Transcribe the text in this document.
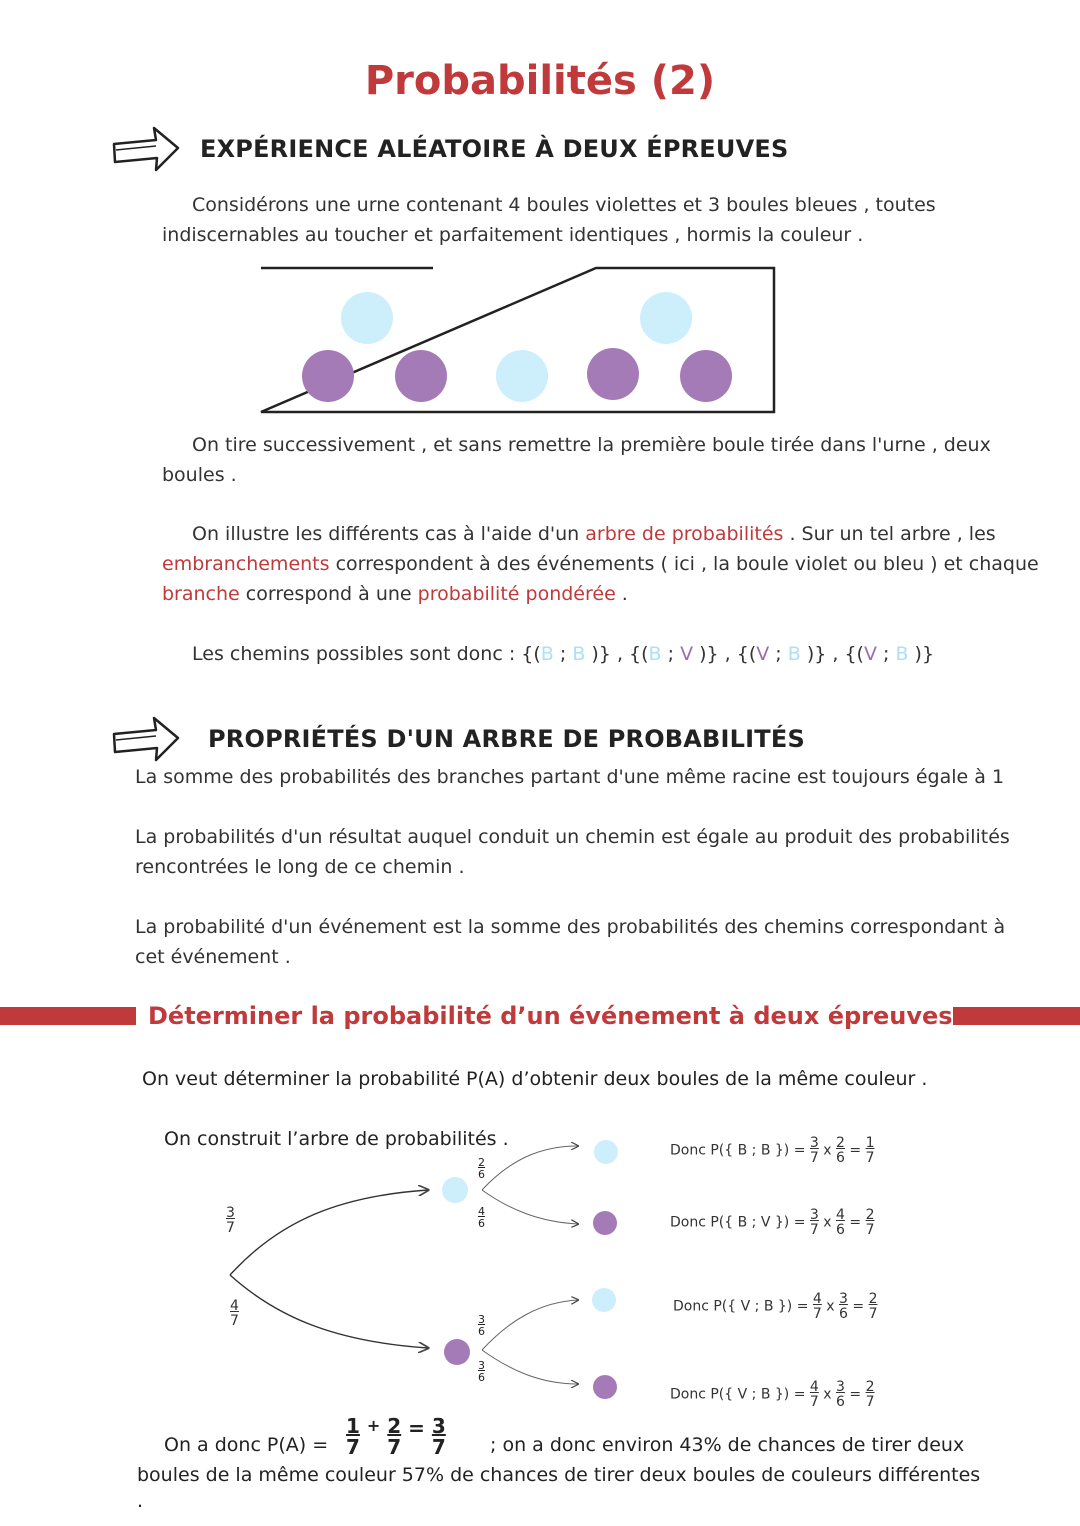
Probabilités (2)
EXPÉRIENCE ALÉATOIRE À DEUX ÉPREUVES
Considérons une urne contenant 4 boules violettes et 3 boules bleues , toutes
indiscernables au toucher et parfaitement identiques , hormis la couleur .
On tire successivement , et sans remettre la première boule tirée dans l'urne , deux
boules .
On illustre les différents cas à l'aide d'un arbre de probabilités . Sur un tel arbre , les
embranchements correspondent à des événements ( ici , la boule violet ou bleu ) et chaque
branche correspond à une probabilité pondérée .
Les chemins possibles sont donc : {(B ; B )} , {(B ; V )} , {(V ; B )} , {(V ; B )}
PROPRIÉTÉS D'UN ARBRE DE PROBABILITÉS
La somme des probabilités des branches partant d'une même racine est toujours égale à 1
La probabilités d'un résultat auquel conduit un chemin est égale au produit des probabilités
rencontrées le long de ce chemin .
La probabilité d'un événement est la somme des probabilités des chemins correspondant à
cet événement .
Déterminer la probabilité d’un événement à deux épreuves
On veut déterminer la probabilité P(A) d’obtenir deux boules de la même couleur .
On construit l’arbre de probabilités .
$\frac{3}{7}$
$\frac{4}{7}$
$\frac{2}{6}$
$\frac{4}{6}$
$\frac{3}{6}$
$\frac{3}{6}$
Donc P({ B ; B }) = $\frac{3}{7}$ x $\frac{2}{6} = \frac{1}{7}$
Donc P({ B ; V }) = $\frac{3}{7}$ x $\frac{4}{6} = \frac{2}{7}$
Donc P({ V ; B }) = $\frac{4}{7}$ x $\frac{3}{6} = \frac{2}{7}$
Donc P({ V ; B }) = $\frac{4}{7}$ x $\frac{3}{6} = \frac{2}{7}$
On a donc $P(A) = \frac{1}{7} ^+ \frac{2}{7} = \frac{3}{7}$ ; on a donc environ 43% de chances de tirer deux
boules de la même couleur 57% de chances de tirer deux boules de couleurs différentes
.
